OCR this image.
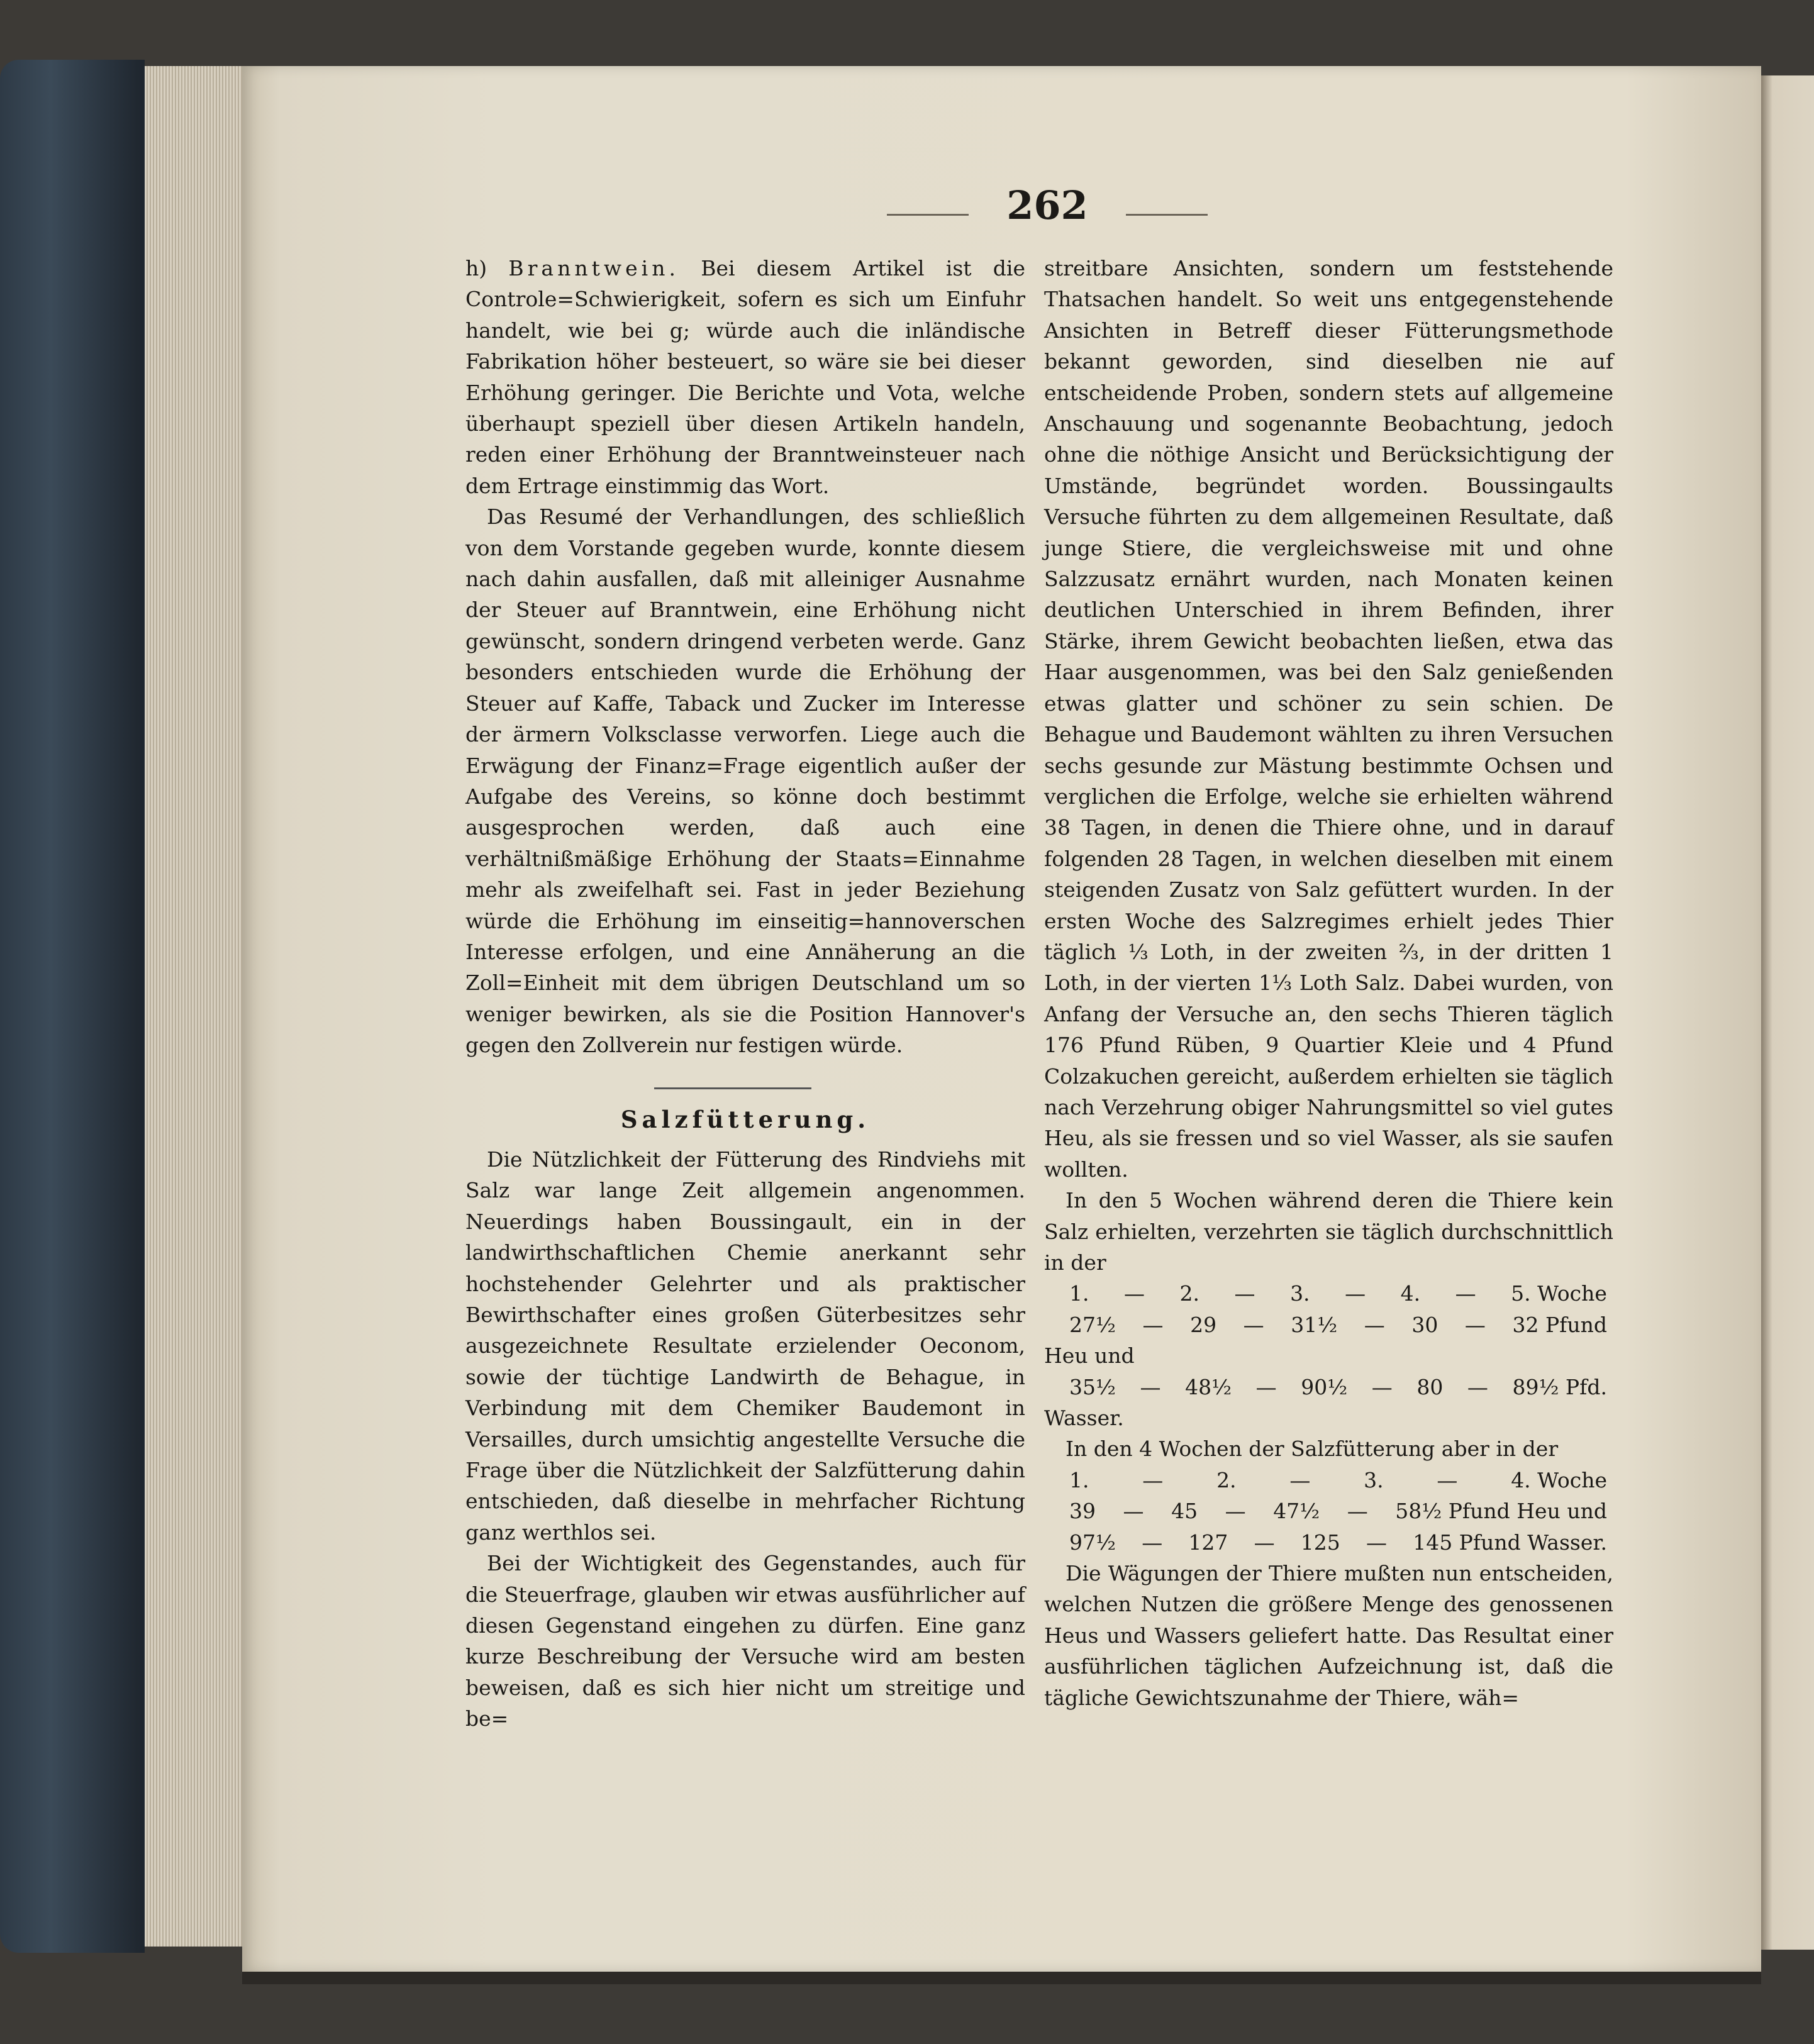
262

h) Branntwein. Bei diesem Artikel ist die Controle=Schwierigkeit, sofern es sich um Einfuhr handelt, wie bei g; würde auch die inländische Fabrikation höher besteuert, so wäre sie bei dieser Erhöhung geringer. Die Berichte und Vota, welche überhaupt speziell über diesen Artikeln handeln, reden einer Erhöhung der Branntweinsteuer nach dem Ertrage einstimmig das Wort.

Das Resumé der Verhandlungen, des schließlich von dem Vorstande gegeben wurde, konnte diesem nach dahin ausfallen, daß mit alleiniger Ausnahme der Steuer auf Branntwein, eine Erhöhung nicht gewünscht, sondern dringend verbeten werde. Ganz besonders entschieden wurde die Erhöhung der Steuer auf Kaffe, Taback und Zucker im Interesse der ärmern Volksclasse verworfen. Liege auch die Erwägung der Finanz=Frage eigentlich außer der Aufgabe des Vereins, so könne doch bestimmt ausgesprochen werden, daß auch eine verhältnißmäßige Erhöhung der Staats=Einnahme mehr als zweifelhaft sei. Fast in jeder Beziehung würde die Erhöhung im einseitig=hannoverschen Interesse erfolgen, und eine Annäherung an die Zoll=Einheit mit dem übrigen Deutschland um so weniger bewirken, als sie die Position Hannover's gegen den Zollverein nur festigen würde.

Salzfütterung.

Die Nützlichkeit der Fütterung des Rindviehs mit Salz war lange Zeit allgemein angenommen. Neuerdings haben Boussingault, ein in der landwirthschaftlichen Chemie anerkannt sehr hochstehender Gelehrter und als praktischer Bewirthschafter eines großen Güterbesitzes sehr ausgezeichnete Resultate erzielender Oeconom, sowie der tüchtige Landwirth de Behague, in Verbindung mit dem Chemiker Baudemont in Versailles, durch umsichtig angestellte Versuche die Frage über die Nützlichkeit der Salzfütterung dahin entschieden, daß dieselbe in mehrfacher Richtung ganz werthlos sei.

Bei der Wichtigkeit des Gegenstandes, auch für die Steuerfrage, glauben wir etwas ausführlicher auf diesen Gegenstand eingehen zu dürfen. Eine ganz kurze Beschreibung der Versuche wird am besten beweisen, daß es sich hier nicht um streitige und be=

streitbare Ansichten, sondern um feststehende Thatsachen handelt. So weit uns entgegenstehende Ansichten in Betreff dieser Fütterungsmethode bekannt geworden, sind dieselben nie auf entscheidende Proben, sondern stets auf allgemeine Anschauung und sogenannte Beobachtung, jedoch ohne die nöthige Ansicht und Berücksichtigung der Umstände, begründet worden. Boussingaults Versuche führten zu dem allgemeinen Resultate, daß junge Stiere, die vergleichsweise mit und ohne Salzzusatz ernährt wurden, nach Monaten keinen deutlichen Unterschied in ihrem Befinden, ihrer Stärke, ihrem Gewicht beobachten ließen, etwa das Haar ausgenommen, was bei den Salz genießenden etwas glatter und schöner zu sein schien. De Behague und Baudemont wählten zu ihren Versuchen sechs gesunde zur Mästung bestimmte Ochsen und verglichen die Erfolge, welche sie erhielten während 38 Tagen, in denen die Thiere ohne, und in darauf folgenden 28 Tagen, in welchen dieselben mit einem steigenden Zusatz von Salz gefüttert wurden. In der ersten Woche des Salzregimes erhielt jedes Thier täglich ⅓ Loth, in der zweiten ⅔, in der dritten 1 Loth, in der vierten 1⅓ Loth Salz. Dabei wurden, von Anfang der Versuche an, den sechs Thieren täglich 176 Pfund Rüben, 9 Quartier Kleie und 4 Pfund Colzakuchen gereicht, außerdem erhielten sie täglich nach Verzehrung obiger Nahrungsmittel so viel gutes Heu, als sie fressen und so viel Wasser, als sie saufen wollten.

In den 5 Wochen während deren die Thiere kein Salz erhielten, verzehrten sie täglich durchschnittlich in der

1. — 2. — 3. — 4. — 5. Woche
27½ — 29 — 31½ — 30 — 32 Pfund

Heu und

35½ — 48½ — 90½ — 80 — 89½ Pfd.

Wasser.

In den 4 Wochen der Salzfütterung aber in der

1.	—	2.	—	3.	—	4. Woche
39 — 45 — 47½ — 58½ Pfund Heu und
97½ — 127 — 125 — 145 Pfund Wasser.

Die Wägungen der Thiere mußten nun entscheiden, welchen Nutzen die größere Menge des genossenen Heus und Wassers geliefert hatte. Das Resultat einer ausführlichen täglichen Aufzeichnung ist, daß die tägliche Gewichtszunahme der Thiere, wäh=
